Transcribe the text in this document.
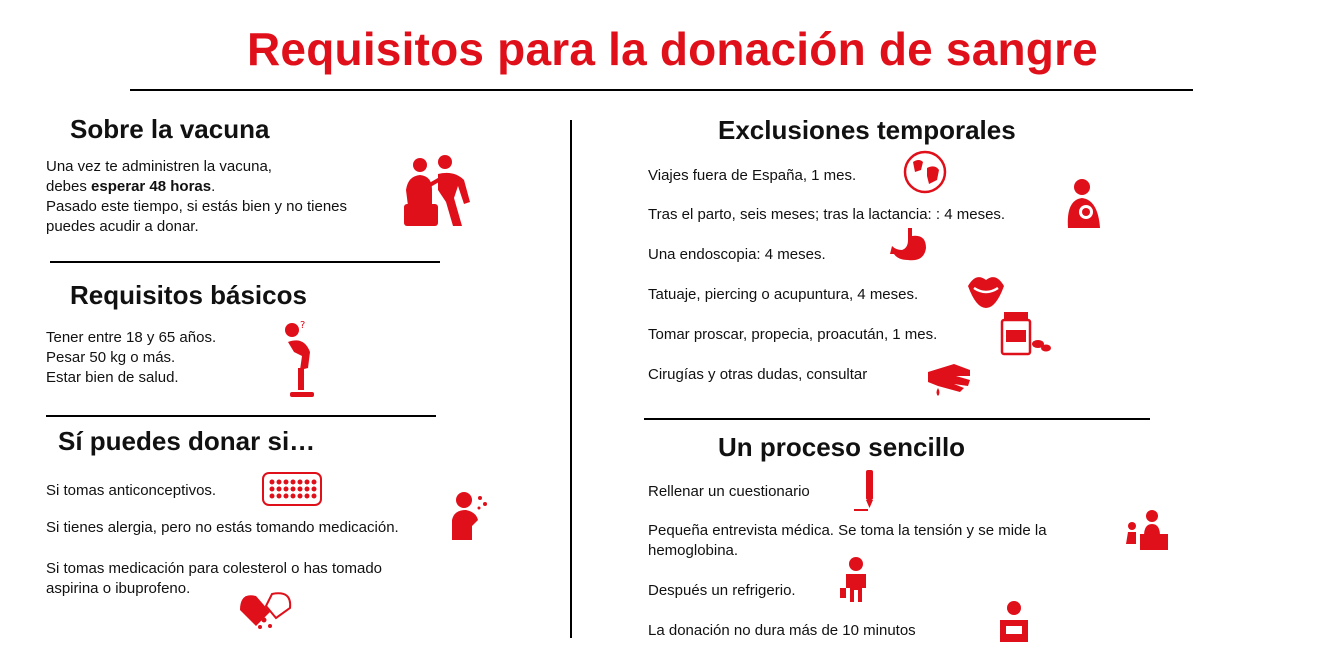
Requisitos para la donación de sangre
Sobre la vacuna
Una vez te administren la vacuna,
debes esperar 48 horas.
Pasado este tiempo, si estás bien y no tienes
puedes acudir a donar.
Requisitos básicos
Tener entre 18 y 65 años.
Pesar 50 kg o más.
Estar bien de salud.
?
Sí puedes donar si…
Si tomas anticonceptivos.
Si tienes alergia, pero no estás tomando medicación.
Si tomas medicación para colesterol o has tomado
aspirina o ibuprofeno.
Exclusiones temporales
Viajes fuera de España, 1 mes.
Tras el parto, seis meses; tras la lactancia: : 4 meses.
Una endoscopia: 4 meses.
Tatuaje, piercing o acupuntura, 4 meses.
Tomar proscar, propecia, proacután, 1 mes.
Cirugías y otras dudas, consultar
Un proceso sencillo
Rellenar un cuestionario
Pequeña entrevista médica. Se toma la tensión y se mide la
hemoglobina.
Después un refrigerio.
La donación no dura más de 10 minutos
